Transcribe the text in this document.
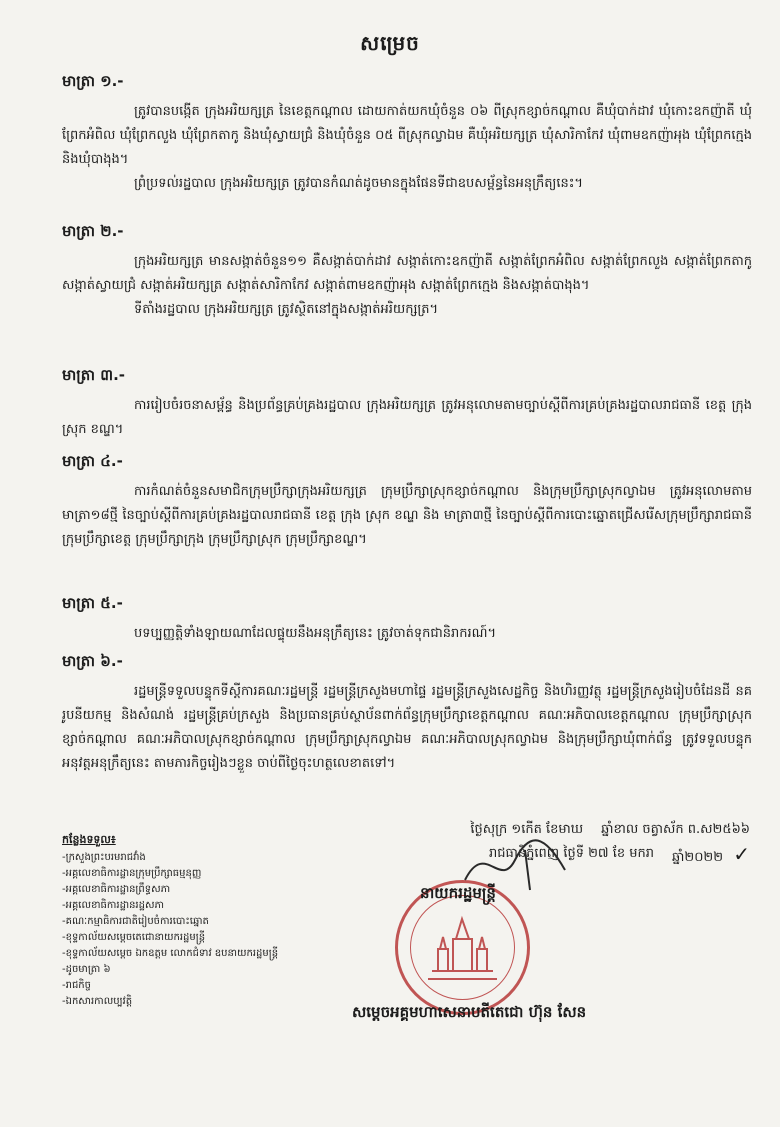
សម្រេច
មាត្រា ១.-

ត្រូវបានបង្កើត ក្រុងអរិយក្សត្រ នៃខេត្តកណ្ដាល ដោយកាត់យកឃុំចំនួន ០៦ ពីស្រុកខ្សាច់កណ្ដាល គឺឃុំបាក់ដាវ ឃុំកោះឧកញ៉ាតី ឃុំព្រែកអំពិល ឃុំព្រែកលួង ឃុំព្រែកតាកូ និងឃុំស្វាយជ្រំ និងឃុំចំនួន ០៥ ពីស្រុកល្វាឯម គឺឃុំអរិយក្សត្រ ឃុំសារិកាកែវ ឃុំពាមឧកញ៉ាអុង ឃុំព្រែកក្មេង និងឃុំបាងុង។

ព្រំប្រទល់រដ្ឋបាល ក្រុងអរិយក្សត្រ ត្រូវបានកំណត់ដូចមានក្នុងផែនទីជាឧបសម្ព័ន្ធនៃអនុក្រឹត្យនេះ។

មាត្រា ២.-

ក្រុងអរិយក្សត្រ មានសង្កាត់ចំនួន១១ គឺសង្កាត់បាក់ដាវ សង្កាត់កោះឧកញ៉ាតី សង្កាត់ព្រែកអំពិល សង្កាត់ព្រែកលួង សង្កាត់ព្រែកតាកូ សង្កាត់ស្វាយជ្រំ សង្កាត់អរិយក្សត្រ សង្កាត់សារិកាកែវ សង្កាត់ពាមឧកញ៉ាអុង សង្កាត់ព្រែកក្មេង និងសង្កាត់បាងុង។

ទីតាំងរដ្ឋបាល ក្រុងអរិយក្សត្រ ត្រូវស្ថិតនៅក្នុងសង្កាត់អរិយក្សត្រ។

មាត្រា ៣.-

ការរៀបចំរចនាសម្ព័ន្ធ និងប្រព័ន្ធគ្រប់គ្រងរដ្ឋបាល ក្រុងអរិយក្សត្រ ត្រូវអនុលោមតាមច្បាប់ស្ដីពីការគ្រប់គ្រងរដ្ឋបាលរាជធានី ខេត្ត ក្រុង ស្រុក ខណ្ឌ។

មាត្រា ៤.-

ការកំណត់ចំនួនសមាជិកក្រុមប្រឹក្សាក្រុងអរិយក្សត្រ ក្រុមប្រឹក្សាស្រុកខ្សាច់កណ្ដាល និងក្រុមប្រឹក្សាស្រុកល្វាឯម ត្រូវអនុលោមតាមមាត្រា១៨ថ្មី នៃច្បាប់ស្ដីពីការគ្រប់គ្រងរដ្ឋបាលរាជធានី ខេត្ត ក្រុង ស្រុក ខណ្ឌ និង មាត្រា៣ថ្មី នៃច្បាប់ស្ដីពីការបោះឆ្នោតជ្រើសរើសក្រុមប្រឹក្សារាជធានី ក្រុមប្រឹក្សាខេត្ត ក្រុមប្រឹក្សាក្រុង ក្រុមប្រឹក្សាស្រុក ក្រុមប្រឹក្សាខណ្ឌ។

មាត្រា ៥.-

បទប្បញ្ញត្តិទាំងឡាយណាដែលផ្ទុយនឹងអនុក្រឹត្យនេះ ត្រូវចាត់ទុកជានិរាករណ៍។

មាត្រា ៦.-

រដ្ឋមន្ត្រីទទួលបន្ទុកទីស្ដីការគណៈរដ្ឋមន្ត្រី រដ្ឋមន្ត្រីក្រសួងមហាផ្ទៃ រដ្ឋមន្ត្រីក្រសួងសេដ្ឋកិច្ច និងហិរញ្ញវត្ថុ រដ្ឋមន្ត្រីក្រសួងរៀបចំដែនដី នគរូបនីយកម្ម និងសំណង់ រដ្ឋមន្ត្រីគ្រប់ក្រសួង និងប្រធានគ្រប់ស្ថាប័នពាក់ព័ន្ធក្រុមប្រឹក្សាខេត្តកណ្ដាល គណៈអភិបាលខេត្តកណ្ដាល ក្រុមប្រឹក្សាស្រុកខ្សាច់កណ្ដាល គណៈអភិបាលស្រុកខ្សាច់កណ្ដាល ក្រុមប្រឹក្សាស្រុកល្វាឯម គណៈអភិបាលស្រុកល្វាឯម និងក្រុមប្រឹក្សាឃុំពាក់ព័ន្ធ ត្រូវទទួលបន្ទុកអនុវត្តអនុក្រឹត្យនេះ តាមភារកិច្ចរៀងៗខ្លួន ចាប់ពីថ្ងៃចុះហត្ថលេខាតទៅ។

ថ្ងៃសុក្រ ១កើត ខែមាឃ ឆ្នាំខាល ចត្វាស័ក ព.ស២៥៦៦
រាជធានីភ្នំពេញ ថ្ងៃទី ២៧ ខែ មករា ឆ្នាំ២០២២ ✓
នាយករដ្ឋមន្ត្រី
សម្ដេចអគ្គមហាសេនាបតីតេជោ ហ៊ុន សែន
កន្លែងទទួល៖
-ក្រសួងព្រះបរមរាជវាំង
-អគ្គលេខាធិការដ្ឋានក្រុមប្រឹក្សាធម្មនុញ្ញ
-អគ្គលេខាធិការដ្ឋានព្រឹទ្ធសភា
-អគ្គលេខាធិការដ្ឋានរដ្ឋសភា
-គណៈកម្មាធិការជាតិរៀបចំការបោះឆ្នោត
-ខុទ្ទកាល័យសម្ដេចតេជោនាយករដ្ឋមន្ត្រី
-ខុទ្ទកាល័យសម្ដេច ឯកឧត្ដម លោកជំទាវ ឧបនាយករដ្ឋមន្ត្រី
-ដូចមាត្រា ៦
-រាជកិច្ច
-ឯកសារកាលប្បវត្តិ
